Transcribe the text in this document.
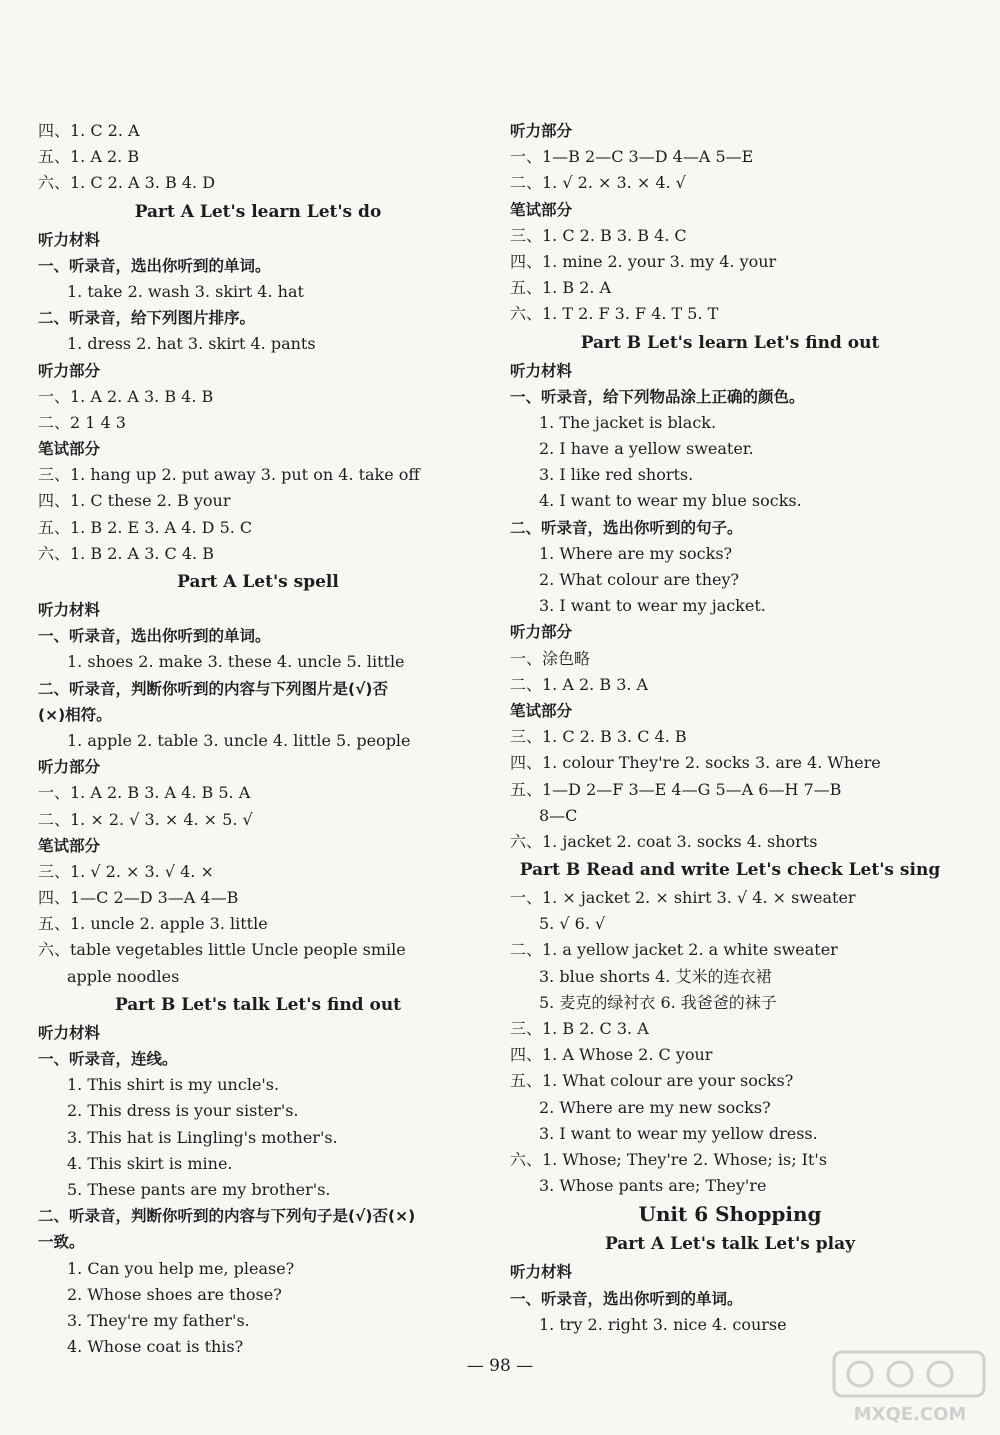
四、1. C 2. A
五、1. A 2. B
六、1. C 2. A 3. B 4. D
Part A Let's learn Let's do
听力材料
一、听录音，选出你听到的单词。
1. take 2. wash 3. skirt 4. hat
二、听录音，给下列图片排序。
1. dress 2. hat 3. skirt 4. pants
听力部分
一、1. A 2. A 3. B 4. B
二、2 1 4 3
笔试部分
三、1. hang up 2. put away 3. put on 4. take off
四、1. C these 2. B your
五、1. B 2. E 3. A 4. D 5. C
六、1. B 2. A 3. C 4. B
Part A Let's spell
听力材料
一、听录音，选出你听到的单词。
1. shoes 2. make 3. these 4. uncle 5. little
二、听录音，判断你听到的内容与下列图片是(√)否
(×)相符。
1. apple 2. table 3. uncle 4. little 5. people
听力部分
一、1. A 2. B 3. A 4. B 5. A
二、1. × 2. √ 3. × 4. × 5. √
笔试部分
三、1. √ 2. × 3. √ 4. ×
四、1—C 2—D 3—A 4—B
五、1. uncle 2. apple 3. little
六、table vegetables little Uncle people smile
apple noodles
Part B Let's talk Let's find out
听力材料
一、听录音，连线。
1. This shirt is my uncle's.
2. This dress is your sister's.
3. This hat is Lingling's mother's.
4. This skirt is mine.
5. These pants are my brother's.
二、听录音，判断你听到的内容与下列句子是(√)否(×)
一致。
1. Can you help me, please?
2. Whose shoes are those?
3. They're my father's.
4. Whose coat is this?
听力部分
一、1—B 2—C 3—D 4—A 5—E
二、1. √ 2. × 3. × 4. √
笔试部分
三、1. C 2. B 3. B 4. C
四、1. mine 2. your 3. my 4. your
五、1. B 2. A
六、1. T 2. F 3. F 4. T 5. T
Part B Let's learn Let's find out
听力材料
一、听录音，给下列物品涂上正确的颜色。
1. The jacket is black.
2. I have a yellow sweater.
3. I like red shorts.
4. I want to wear my blue socks.
二、听录音，选出你听到的句子。
1. Where are my socks?
2. What colour are they?
3. I want to wear my jacket.
听力部分
一、涂色略
二、1. A 2. B 3. A
笔试部分
三、1. C 2. B 3. C 4. B
四、1. colour They're 2. socks 3. are 4. Where
五、1—D 2—F 3—E 4—G 5—A 6—H 7—B
8—C
六、1. jacket 2. coat 3. socks 4. shorts
Part B Read and write Let's check Let's sing
一、1. × jacket 2. × shirt 3. √ 4. × sweater
5. √ 6. √
二、1. a yellow jacket 2. a white sweater
3. blue shorts 4. 艾米的连衣裙
5. 麦克的绿衬衣 6. 我爸爸的袜子
三、1. B 2. C 3. A
四、1. A Whose 2. C your
五、1. What colour are your socks?
2. Where are my new socks?
3. I want to wear my yellow dress.
六、1. Whose; They're 2. Whose; is; It's
3. Whose pants are; They're
Unit 6 Shopping
Part A Let's talk Let's play
听力材料
一、听录音，选出你听到的单词。
1. try 2. right 3. nice 4. course
— 98 —
MXQE.COM
